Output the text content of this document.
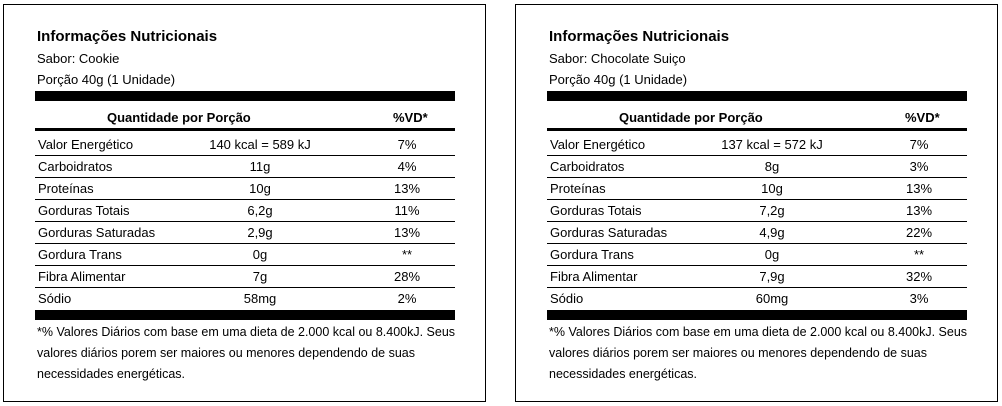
Informações Nutricionais
Sabor: Cookie
Porção 40g (1 Unidade)
Quantidade por Porção	%VD*
Valor Energético	140 kcal = 589 kJ	7%
Carboidratos	11g	4%
Proteínas	10g	13%
Gorduras Totais	6,2g	11%
Gorduras Saturadas	2,9g	13%
Gordura Trans	0g	**
Fibra Alimentar	7g	28%
Sódio	58mg	2%
*% Valores Diários com base em uma dieta de 2.000 kcal ou 8.400kJ. Seus valores diários porem ser maiores ou menores dependendo de suas necessidades energéticas.
Informações Nutricionais
Sabor: Chocolate Suiço
Porção 40g (1 Unidade)
Quantidade por Porção	%VD*
Valor Energético	137 kcal = 572 kJ	7%
Carboidratos	8g	3%
Proteínas	10g	13%
Gorduras Totais	7,2g	13%
Gorduras Saturadas	4,9g	22%
Gordura Trans	0g	**
Fibra Alimentar	7,9g	32%
Sódio	60mg	3%
*% Valores Diários com base em uma dieta de 2.000 kcal ou 8.400kJ. Seus valores diários porem ser maiores ou menores dependendo de suas necessidades energéticas.
